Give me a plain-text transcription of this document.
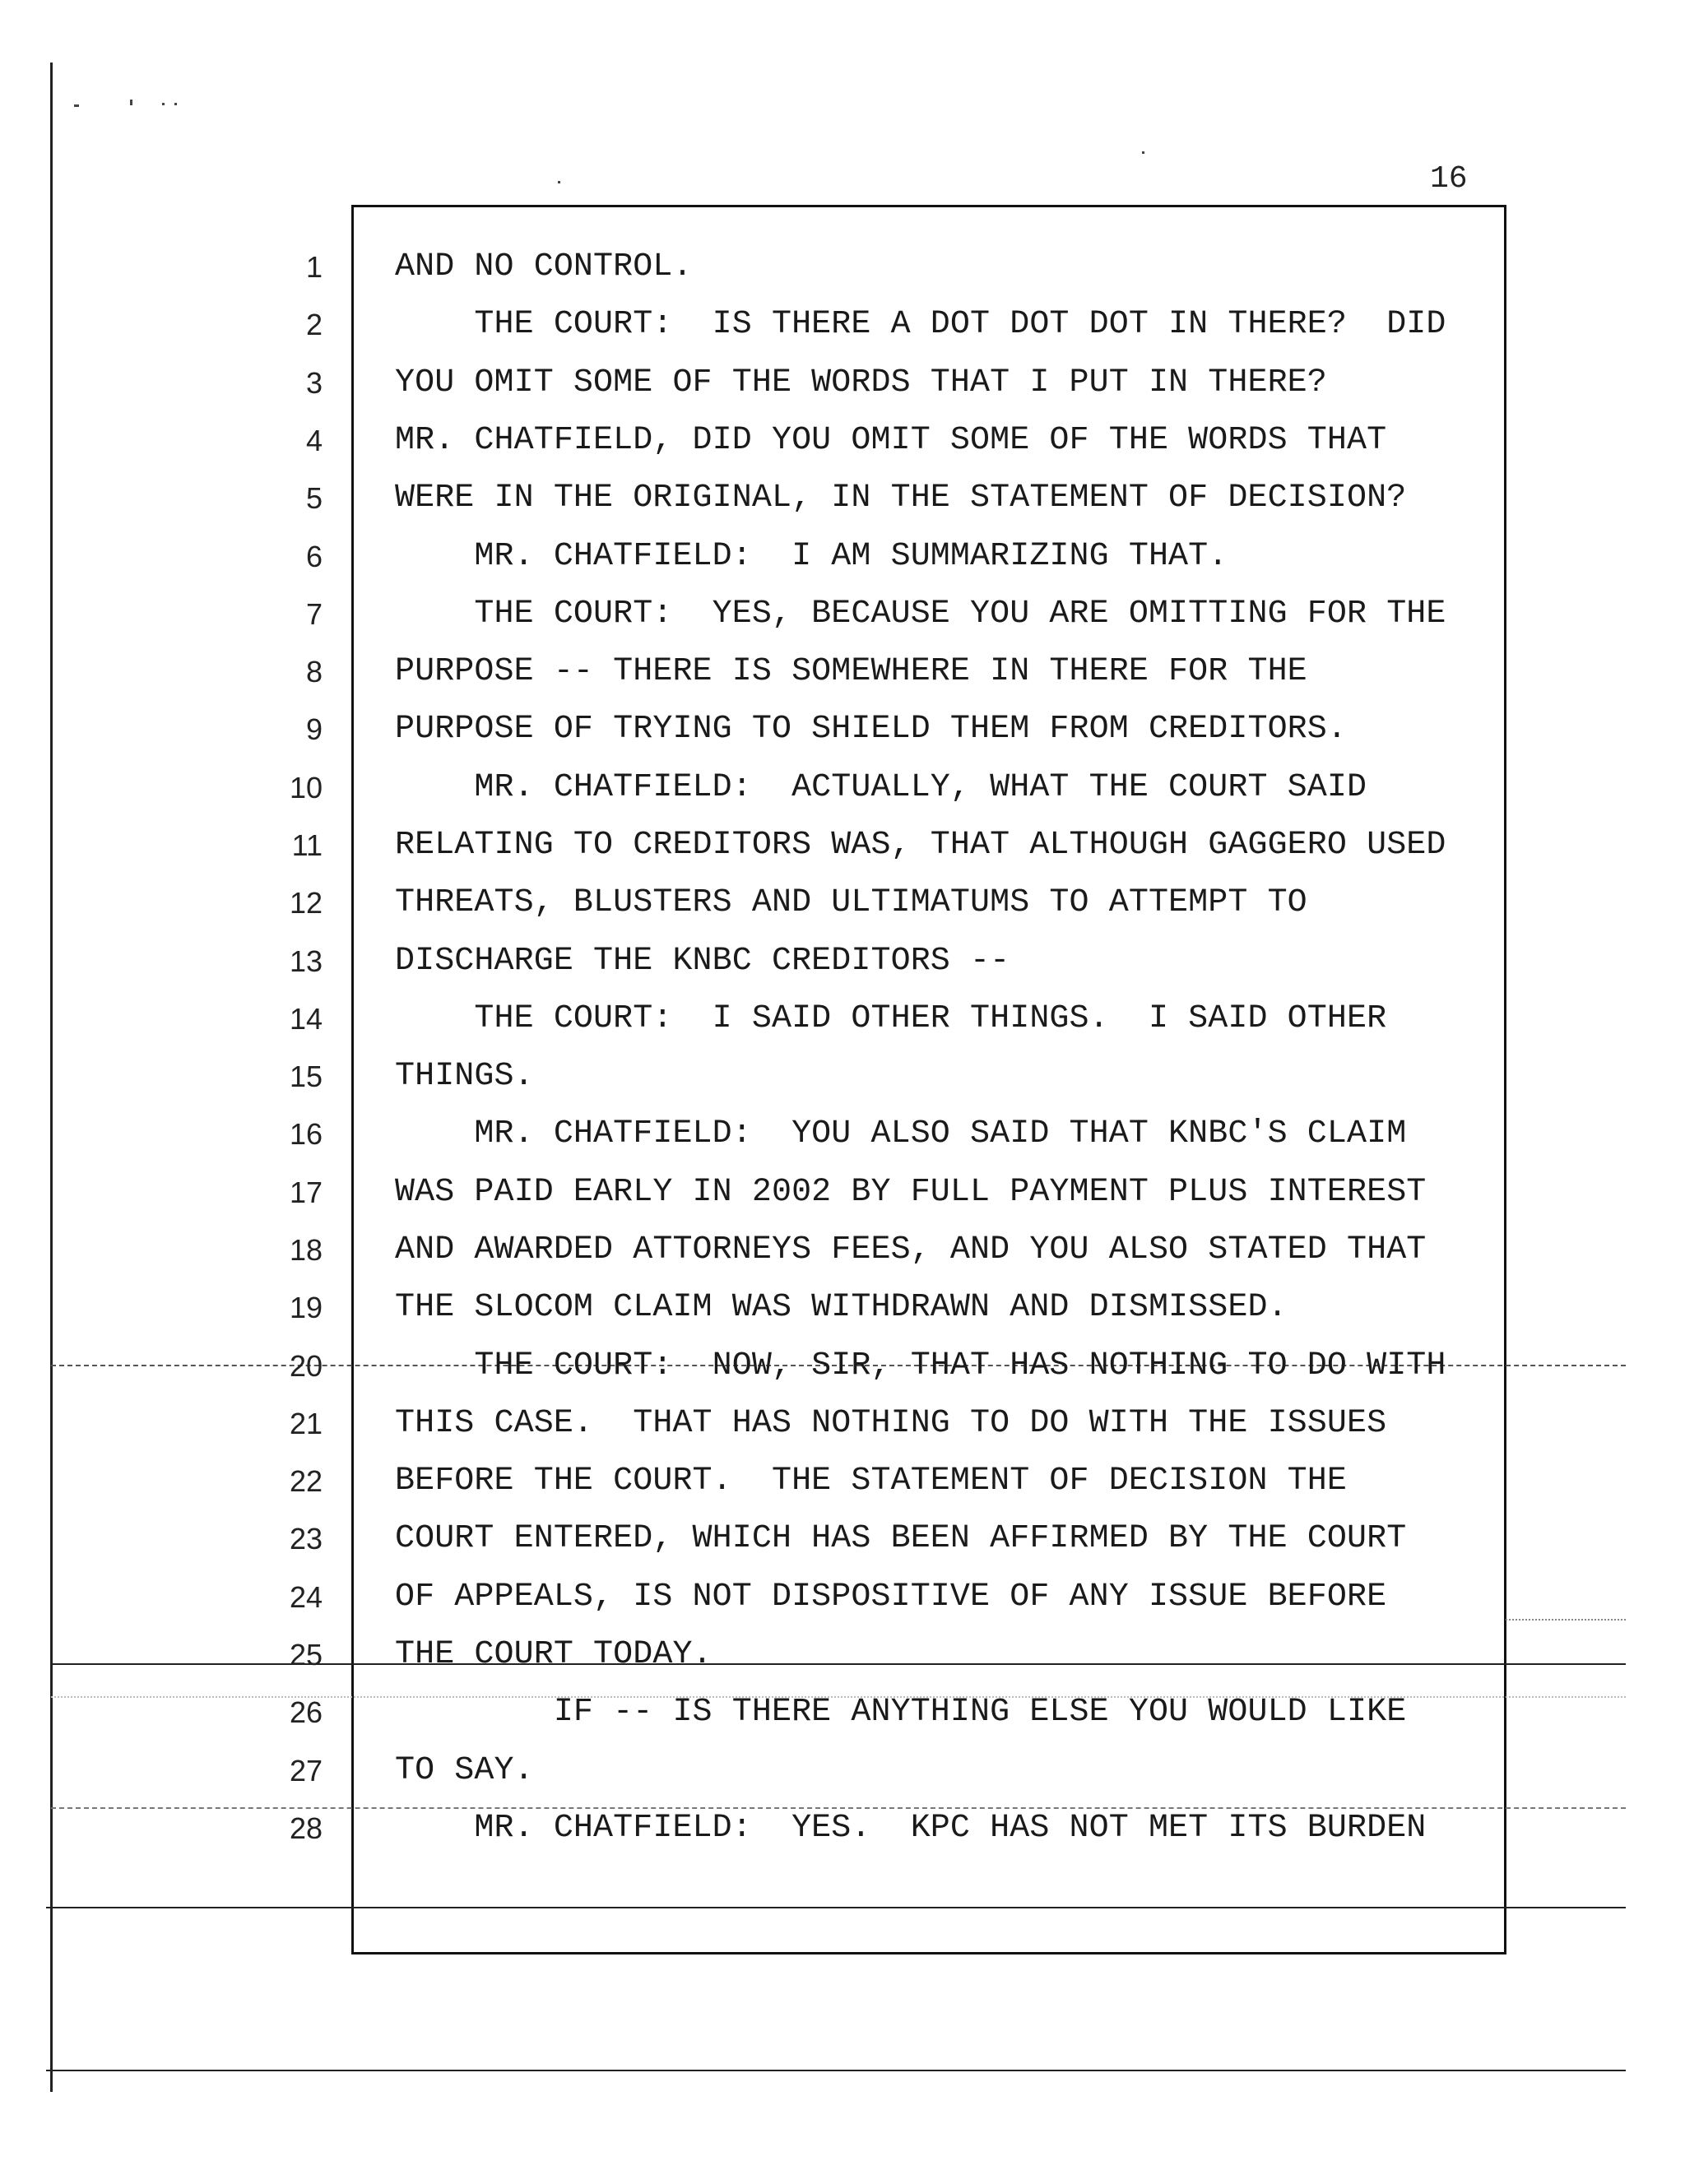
16
1 AND NO CONTROL.
2 THE COURT:  IS THERE A DOT DOT DOT IN THERE?  DID
3 YOU OMIT SOME OF THE WORDS THAT I PUT IN THERE?
4 MR. CHATFIELD, DID YOU OMIT SOME OF THE WORDS THAT
5 WERE IN THE ORIGINAL, IN THE STATEMENT OF DECISION?
6 MR. CHATFIELD:  I AM SUMMARIZING THAT.
7 THE COURT:  YES, BECAUSE YOU ARE OMITTING FOR THE
8 PURPOSE -- THERE IS SOMEWHERE IN THERE FOR THE
9 PURPOSE OF TRYING TO SHIELD THEM FROM CREDITORS.
10 MR. CHATFIELD:  ACTUALLY, WHAT THE COURT SAID
11 RELATING TO CREDITORS WAS, THAT ALTHOUGH GAGGERO USED
12 THREATS, BLUSTERS AND ULTIMATUMS TO ATTEMPT TO
13 DISCHARGE THE KNBC CREDITORS --
14 THE COURT:  I SAID OTHER THINGS.  I SAID OTHER
15 THINGS.
16 MR. CHATFIELD:  YOU ALSO SAID THAT KNBC'S CLAIM
17 WAS PAID EARLY IN 2002 BY FULL PAYMENT PLUS INTEREST
18 AND AWARDED ATTORNEYS FEES, AND YOU ALSO STATED THAT
19 THE SLOCOM CLAIM WAS WITHDRAWN AND DISMISSED.
20 THE COURT:  NOW, SIR, THAT HAS NOTHING TO DO WITH
21 THIS CASE.  THAT HAS NOTHING TO DO WITH THE ISSUES
22 BEFORE THE COURT.  THE STATEMENT OF DECISION THE
23 COURT ENTERED, WHICH HAS BEEN AFFIRMED BY THE COURT
24 OF APPEALS, IS NOT DISPOSITIVE OF ANY ISSUE BEFORE
25 THE COURT TODAY.
26 IF -- IS THERE ANYTHING ELSE YOU WOULD LIKE
27 TO SAY.
28 MR. CHATFIELD:  YES.  KPC HAS NOT MET ITS BURDEN
